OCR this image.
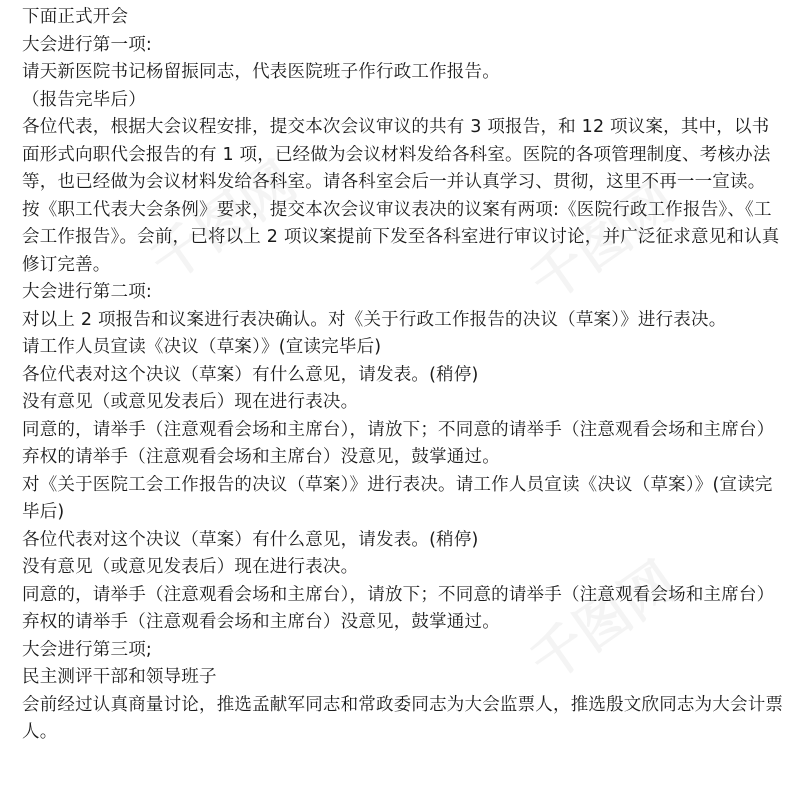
下面正式开会

大会进行第一项:

请天新医院书记杨留振同志，代表医院班子作行政工作报告。

（报告完毕后）

各位代表，根据大会议程安排，提交本次会议审议的共有 3 项报告，和 12 项议案，其中，以书面形式向职代会报告的有 1 项，已经做为会议材料发给各科室。医院的各项管理制度、考核办法等，也已经做为会议材料发给各科室。请各科室会后一并认真学习、贯彻，这里不再一一宣读。

按《职工代表大会条例》要求，提交本次会议审议表决的议案有两项:《医院行政工作报告》、《工会工作报告》。会前，已将以上 2 项议案提前下发至各科室进行审议讨论，并广泛征求意见和认真修订完善。

大会进行第二项:

对以上 2 项报告和议案进行表决确认。对《关于行政工作报告的决议（草案）》进行表决。

请工作人员宣读《决议（草案）》(宣读完毕后)

各位代表对这个决议（草案）有什么意见，请发表。(稍停)

没有意见（或意见发表后）现在进行表决。

同意的，请举手（注意观看会场和主席台），请放下；不同意的请举手（注意观看会场和主席台）弃权的请举手（注意观看会场和主席台）没意见，鼓掌通过。

对《关于医院工会工作报告的决议（草案）》进行表决。请工作人员宣读《决议（草案）》(宣读完毕后)

各位代表对这个决议（草案）有什么意见，请发表。(稍停)

没有意见（或意见发表后）现在进行表决。

同意的，请举手（注意观看会场和主席台），请放下；不同意的请举手（注意观看会场和主席台）弃权的请举手（注意观看会场和主席台）没意见，鼓掌通过。

大会进行第三项;

民主测评干部和领导班子

会前经过认真商量讨论，推选孟献军同志和常政委同志为大会监票人，推选殷文欣同志为大会计票人。
